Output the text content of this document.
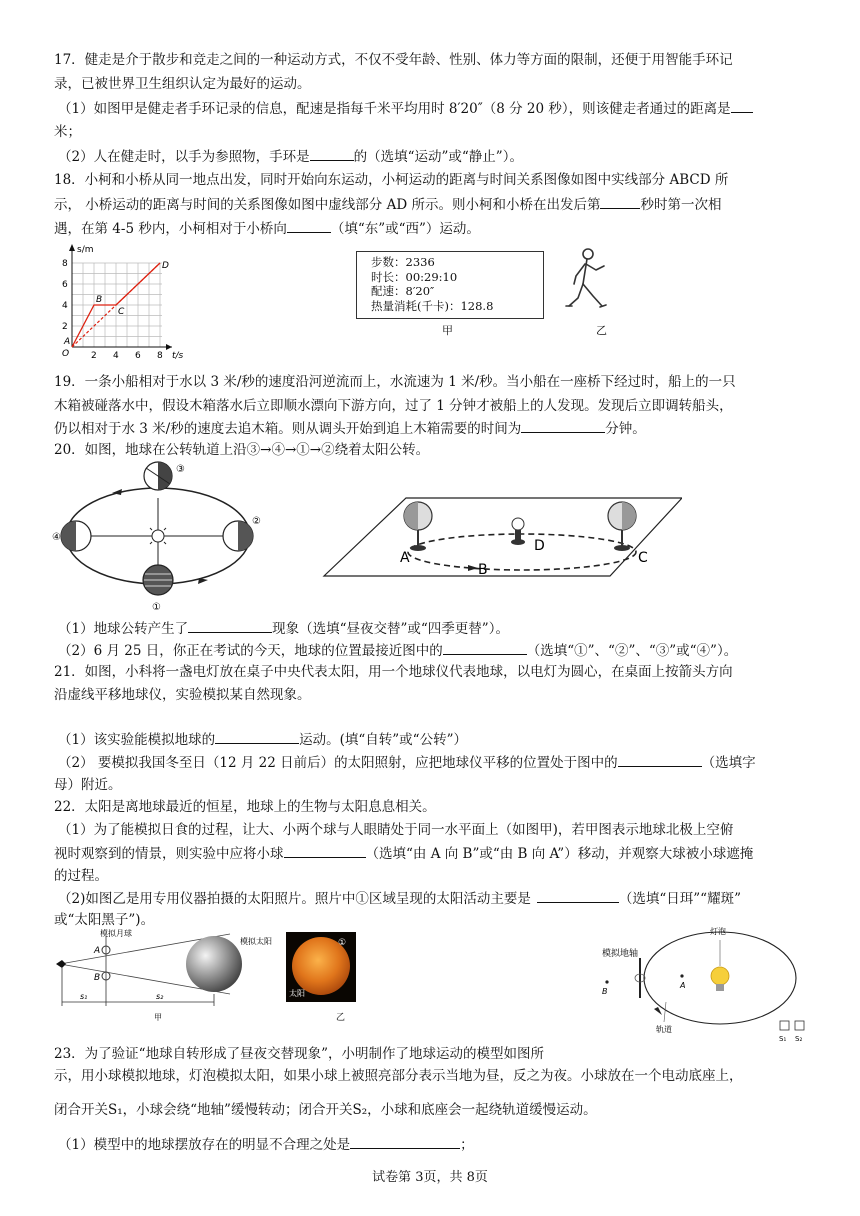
17．健走是介于散步和竞走之间的一种运动方式，不仅不受年龄、性别、体力等方面的限制，还便于用智能手环记
录，已被世界卫生组织认定为最好的运动。
（1）如图甲是健走者手环记录的信息，配速是指每千米平均用时 8′20″（8 分 20 秒），则该健走者通过的距离是
米；
（2）人在健走时，以手为参照物，手环是	的（选填“运动”或“静止”）。
18．小柯和小桥从同一地点出发，同时开始向东运动，小柯运动的距离与时间关系图像如图中实线部分 ABCD 所
示， 小桥运动的距离与时间的关系图像如图中虚线部分 AD 所示。则小柯和小桥在出发后第	秒时第一次相
遇，在第 4-5 秒内，小柯相对于小桥向	（填“东”或“西”）运动。
s/m
t/s
2
4
6
8
2 4 6 8
O
A
B
C
D	步数：2336
时长：00:29:10
配速：8′20″
热量消耗(千卡)：128.8
甲	乙
19．一条小船相对于水以 3 米/秒的速度沿河逆流而上，水流速为 1 米/秒。当小船在一座桥下经过时，船上的一只
木箱被碰落水中，假设木箱落水后立即顺水漂向下游方向，过了 1 分钟才被船上的人发现。发现后立即调转船头，
仍以相对于水 3 米/秒的速度去追木箱。则从调头开始到追上木箱需要的时间为	分钟。
20．如图，地球在公转轨道上沿③→④→①→②绕着太阳公转。
③
④
②
①
A
B
D
C
（1）地球公转产生了	现象（选填“昼夜交替”或“四季更替”）。
（2）6 月 25 日，你正在考试的今天，地球的位置最接近图中的	（选填“①”、“②”、“③”或“④”）。
21．如图，小科将一盏电灯放在桌子中央代表太阳，用一个地球仪代表地球，以电灯为圆心，在桌面上按箭头方向
沿虚线平移地球仪，实验模拟某自然现象。
（1）该实验能模拟地球的	运动。(填“自转”或“公转”）
（2） 要模拟我国冬至日（12 月 22 日前后）的太阳照射，应把地球仪平移的位置处于图中的	（选填字
母）附近。
22．太阳是离地球最近的恒星，地球上的生物与太阳息息相关。
（1）为了能模拟日食的过程，让大、小两个球与人眼睛处于同一水平面上（如图甲)，若甲图表示地球北极上空俯
视时观察到的情景，则实验中应将小球	（选填“由 A 向 B”或“由 B 向 A”）移动，并观察大球被小球遮掩
的过程。
（2)如图乙是用专用仪器拍摄的太阳照片。照片中①区域呈现的太阳活动主要是	（选填“日珥”“耀斑”
或“太阳黑子”)。
模拟月球
模拟太阳
A
B
s₁	s₂
甲
①
太阳
乙
模拟地轴
灯泡
轨道
B
A
S₁ S₂
23．为了验证“地球自转形成了昼夜交替现象”，小明制作了地球运动的模型如图所
示，用小球模拟地球，灯泡模拟太阳，如果小球上被照亮部分表示当地为昼，反之为夜。小球放在一个电动底座上，
闭合开关S₁，小球会绕“地轴”缓慢转动；闭合开关S₂，小球和底座会一起绕轨道缓慢运动。
（1）模型中的地球摆放存在的明显不合理之处是	；
试卷第 3页，共 8页
